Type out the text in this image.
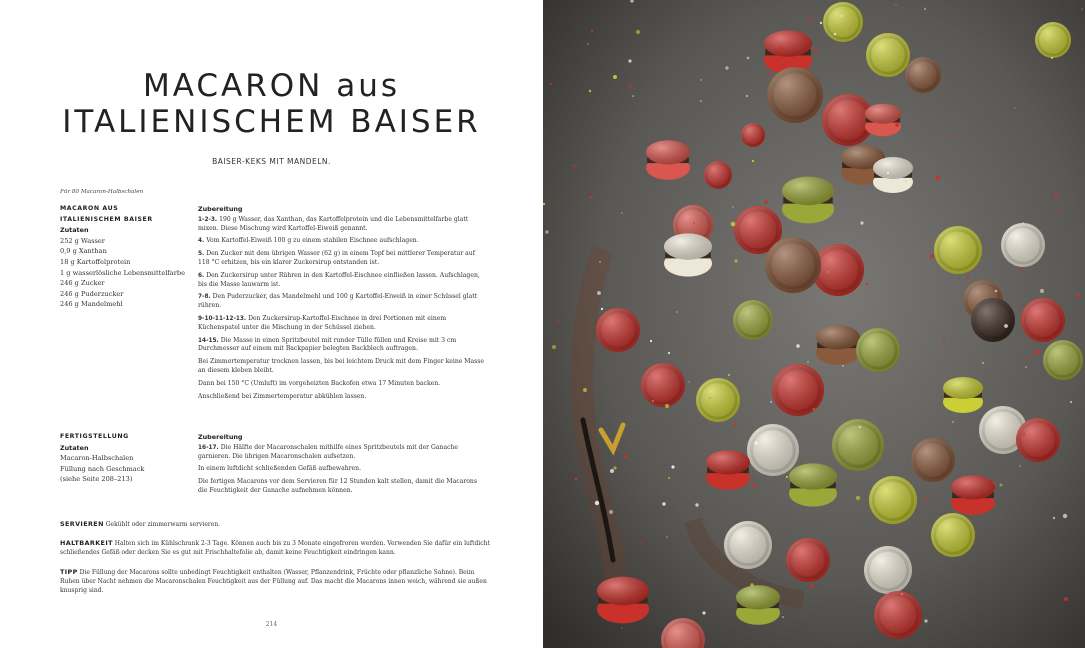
MACARON aus
ITALIENISCHEM BAISER
BAISER-KEKS MIT MANDELN.
Für 80 Macaron-Halbschalen
MACARON AUS
ITALIENISCHEM BAISER
Zutaten
252 g Wasser
0,9 g Xanthan
18 g Kartoffelprotein
1 g wasserlösliche Lebensmittelfarbe
246 g Zucker
246 g Puderzucker
246 g Mandelmehl
Zubereitung

1-2-3. 190 g Wasser, das Xanthan, das Kartoffelprotein und die Lebensmittelfarbe glatt mixen. Diese Mischung wird Kartoffel-Eiweiß genannt.

4. Vom Kartoffel-Eiweiß 100 g zu einem stabilen Eischnee aufschlagen.

5. Den Zucker mit dem übrigen Wasser (62 g) in einem Topf bei mittlerer Temperatur auf 118 °C erhitzen, bis ein klarer Zuckersirup entstanden ist.

6. Den Zuckersirup unter Rühren in den Kartoffel-Eischnee einfließen lassen. Aufschlagen, bis die Masse lauwarm ist.

7-8. Den Puderzucker, das Mandelmehl und 100 g Kartoffel-Eiweiß in einer Schüssel glatt rühren.

9-10-11-12-13. Den Zuckersirup-Kartoffel-Eischnee in drei Portionen mit einem Küchenspatel unter die Mischung in der Schüssel ziehen.

14-15. Die Masse in einen Spritzbeutel mit runder Tülle füllen und Kreise mit 3 cm Durchmesser auf einem mit Backpapier belegten Backblech auftragen.

Bei Zimmertemperatur trocknen lassen, bis bei leichtem Druck mit dem Finger keine Masse an diesem kleben bleibt.

Dann bei 150 °C (Umluft) im vorgeheizten Backofen etwa 17 Minuten backen.

Anschließend bei Zimmertemperatur abkühlen lassen.

FERTIGSTELLUNG
Zutaten
Macaron-Halbschalen
Füllung nach Geschmack
(siehe Seite 208–213)
Zubereitung

16-17. Die Hälfte der Macaronschalen mithilfe eines Spritzbeutels mit der Ganache garnieren. Die übrigen Macaronschalen aufsetzen.

In einem luftdicht schließenden Gefäß aufbewahren.

Die fertigen Macarons vor dem Servieren für 12 Stunden kalt stellen, damit die Macarons die Feuchtigkeit der Ganache aufnehmen können.

SERVIEREN Gekühlt oder zimmerwarm servieren.
HALTBARKEIT Halten sich im Kühlschrank 2-3 Tage. Können auch bis zu 3 Monate eingefroren werden. Verwenden Sie dafür ein luftdicht schließendes Gefäß oder decken Sie es gut mit Frischhaltefolie ab, damit keine Feuchtigkeit eindringen kann.
TIPP Die Füllung der Macarons sollte unbedingt Feuchtigkeit enthalten (Wasser, Pflanzendrink, Früchte oder pflanzliche Sahne). Beim Ruhen über Nacht nehmen die Macaronschalen Feuchtigkeit aus der Füllung auf. Das macht die Macarons innen weich, während sie außen knusprig sind.
214
